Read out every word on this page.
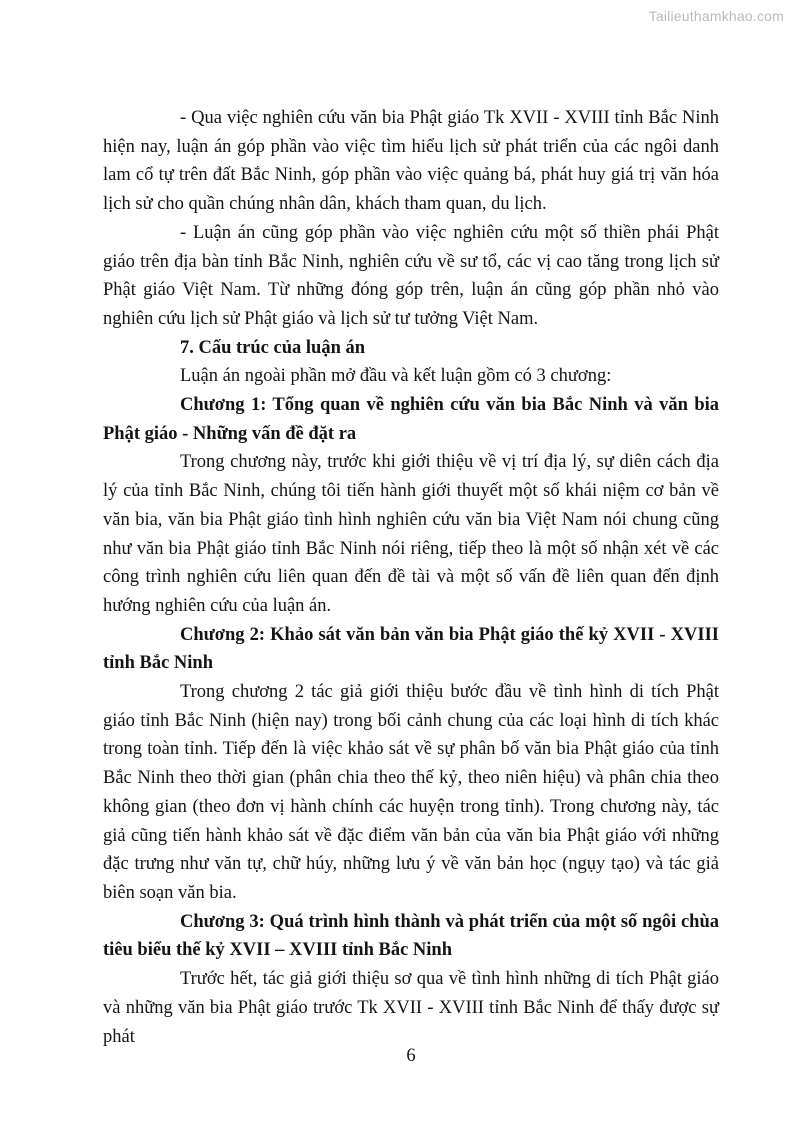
Tailieuthamkhao.com

- Qua việc nghiên cứu văn bia Phật giáo Tk XVII - XVIII tỉnh Bắc Ninh hiện nay, luận án góp phần vào việc tìm hiểu lịch sử phát triển của các ngôi danh lam cổ tự trên đất Bắc Ninh, góp phần vào việc quảng bá, phát huy giá trị văn hóa lịch sử cho quần chúng nhân dân, khách tham quan, du lịch.

- Luận án cũng góp phần vào việc nghiên cứu một số thiền phái Phật giáo trên địa bàn tỉnh Bắc Ninh, nghiên cứu về sư tổ, các vị cao tăng trong lịch sử Phật giáo Việt Nam. Từ những đóng góp trên, luận án cũng góp phần nhỏ vào nghiên cứu lịch sử Phật giáo và lịch sử tư tưởng Việt Nam.

7. Cấu trúc của luận án

Luận án ngoài phần mở đầu và kết luận gồm có 3 chương:

Chương 1: Tổng quan về nghiên cứu văn bia Bắc Ninh và văn bia Phật giáo - Những vấn đề đặt ra

Trong chương này, trước khi giới thiệu về vị trí địa lý, sự diên cách địa lý của tỉnh Bắc Ninh, chúng tôi tiến hành giới thuyết một số khái niệm cơ bản về văn bia, văn bia Phật giáo tình hình nghiên cứu văn bia Việt Nam nói chung cũng như văn bia Phật giáo tỉnh Bắc Ninh nói riêng, tiếp theo là một số nhận xét về các công trình nghiên cứu liên quan đến đề tài và một số vấn đề liên quan đến định hướng nghiên cứu của luận án.

Chương 2: Khảo sát văn bản văn bia Phật giáo thế kỷ XVII - XVIII tỉnh Bắc Ninh

Trong chương 2 tác giả giới thiệu bước đầu về tình hình di tích Phật giáo tỉnh Bắc Ninh (hiện nay) trong bối cảnh chung của các loại hình di tích khác trong toàn tỉnh. Tiếp đến là việc khảo sát về sự phân bố văn bia Phật giáo của tỉnh Bắc Ninh theo thời gian (phân chia theo thế kỷ, theo niên hiệu) và phân chia theo không gian (theo đơn vị hành chính các huyện trong tỉnh). Trong chương này, tác giả cũng tiến hành khảo sát về đặc điểm văn bản của văn bia Phật giáo với những đặc trưng như văn tự, chữ húy, những lưu ý về văn bản học (ngụy tạo) và tác giả biên soạn văn bia.

Chương 3: Quá trình hình thành và phát triển của một số ngôi chùa tiêu biểu thế kỷ XVII – XVIII tỉnh Bắc Ninh

Trước hết, tác giả giới thiệu sơ qua về tình hình những di tích Phật giáo và những văn bia Phật giáo trước Tk XVII - XVIII tỉnh Bắc Ninh để thấy được sự phát

6
